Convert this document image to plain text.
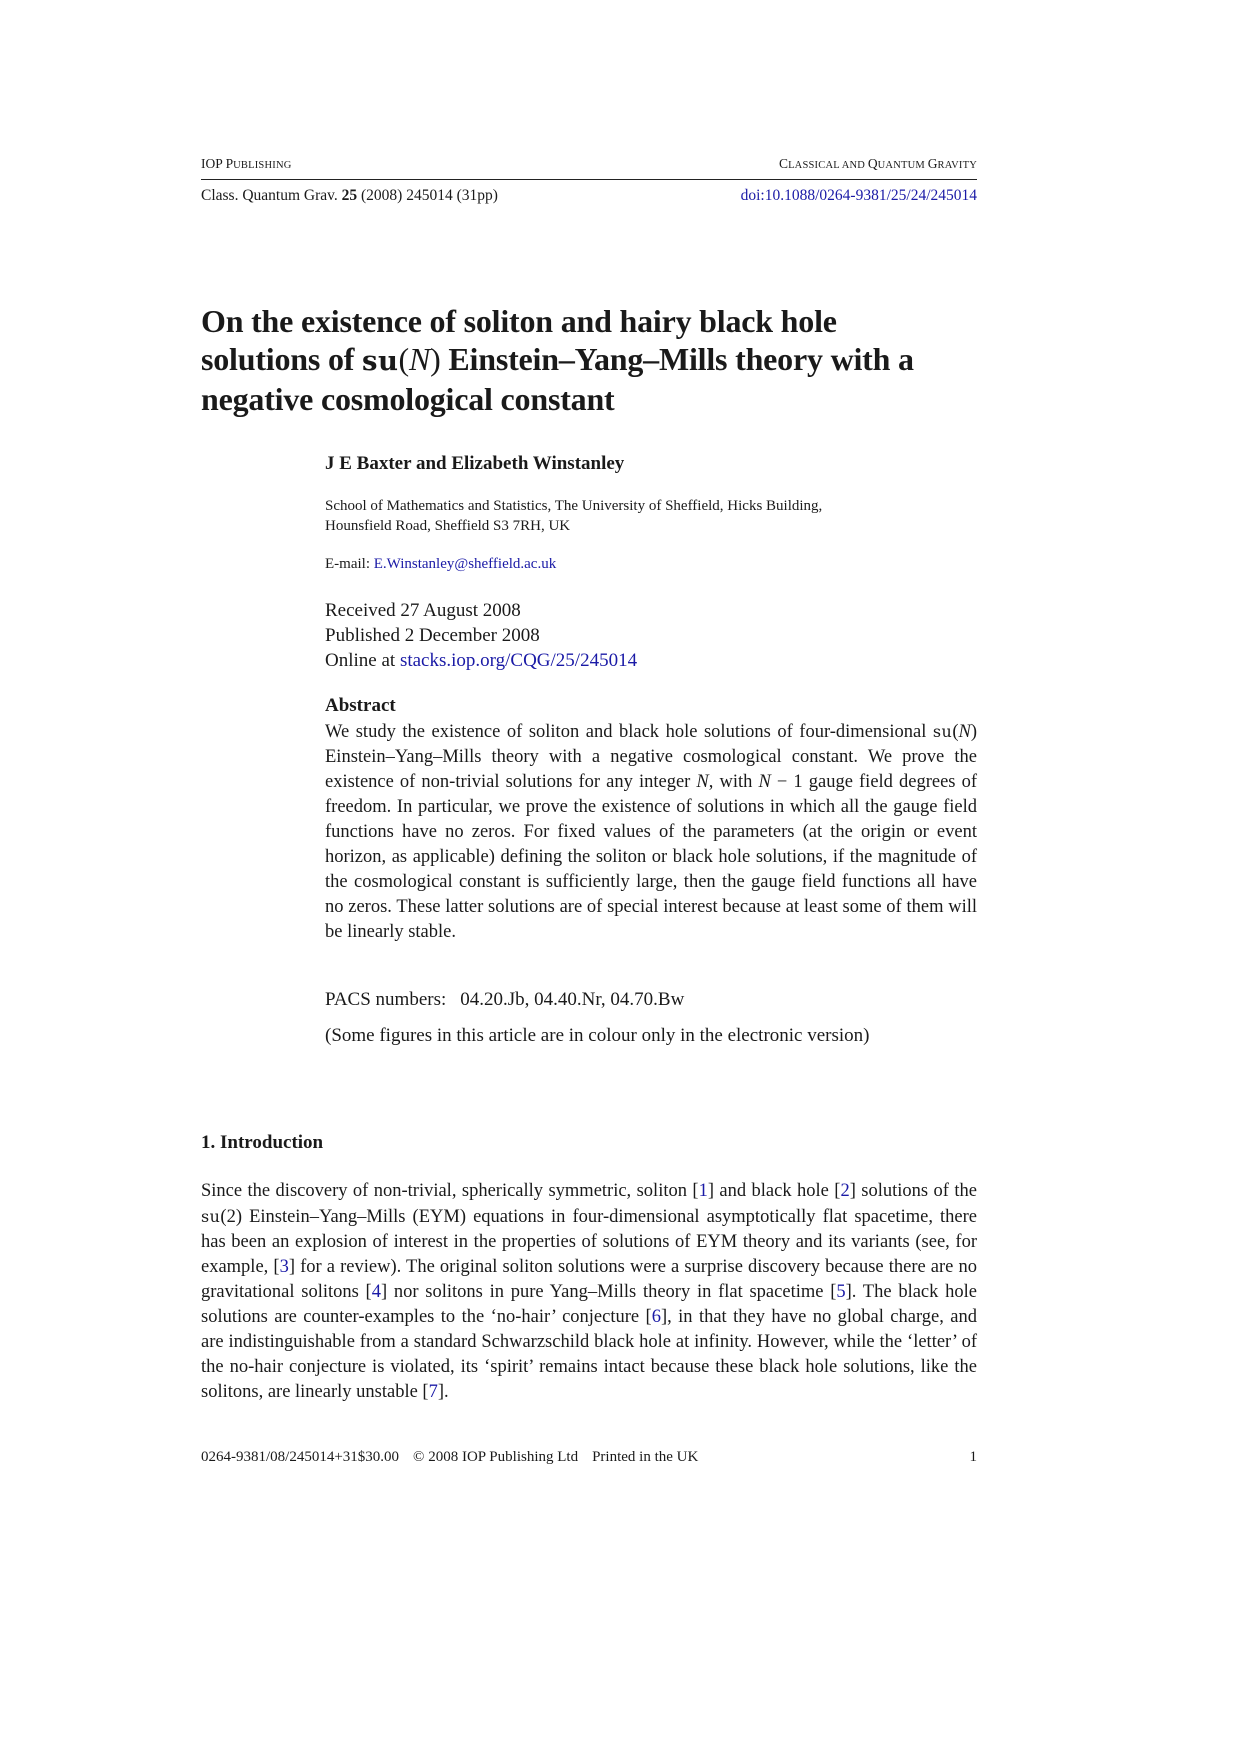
IOP PUBLISHING	CLASSICAL AND QUANTUM GRAVITY
Class. Quantum Grav. 25 (2008) 245014 (31pp)	doi:10.1088/0264-9381/25/24/245014
On the existence of soliton and hairy black hole
solutions of su(N) Einstein–Yang–Mills theory with a
negative cosmological constant
J E Baxter and Elizabeth Winstanley
School of Mathematics and Statistics, The University of Sheffield, Hicks Building,
Hounsfield Road, Sheffield S3 7RH, UK
E-mail: E.Winstanley@sheffield.ac.uk
Received 27 August 2008
Published 2 December 2008
Online at stacks.iop.org/CQG/25/245014
Abstract

We study the existence of soliton and black hole solutions of four-dimensional su(N) Einstein–Yang–Mills theory with a negative cosmological constant. We prove the existence of non-trivial solutions for any integer N, with N − 1 gauge field degrees of freedom. In particular, we prove the existence of solutions in which all the gauge field functions have no zeros. For fixed values of the parameters (at the origin or event horizon, as applicable) defining the soliton or black hole solutions, if the magnitude of the cosmological constant is sufficiently large, then the gauge field functions all have no zeros. These latter solutions are of special interest because at least some of them will be linearly stable.

PACS numbers: 04.20.Jb, 04.40.Nr, 04.70.Bw
(Some figures in this article are in colour only in the electronic version)
1. Introduction

Since the discovery of non-trivial, spherically symmetric, soliton [1] and black hole [2] solutions of the su(2) Einstein–Yang–Mills (EYM) equations in four-dimensional asymptotically flat spacetime, there has been an explosion of interest in the properties of solutions of EYM theory and its variants (see, for example, [3] for a review). The original soliton solutions were a surprise discovery because there are no gravitational solitons [4] nor solitons in pure Yang–Mills theory in flat spacetime [5]. The black hole solutions are counter-examples to the ‘no-hair’ conjecture [6], in that they have no global charge, and are indistinguishable from a standard Schwarzschild black hole at infinity. However, while the ‘letter’ of the no-hair conjecture is violated, its ‘spirit’ remains intact because these black hole solutions, like the solitons, are linearly unstable [7].

0264-9381/08/245014+31$30.00 © 2008 IOP Publishing Ltd Printed in the UK	1
